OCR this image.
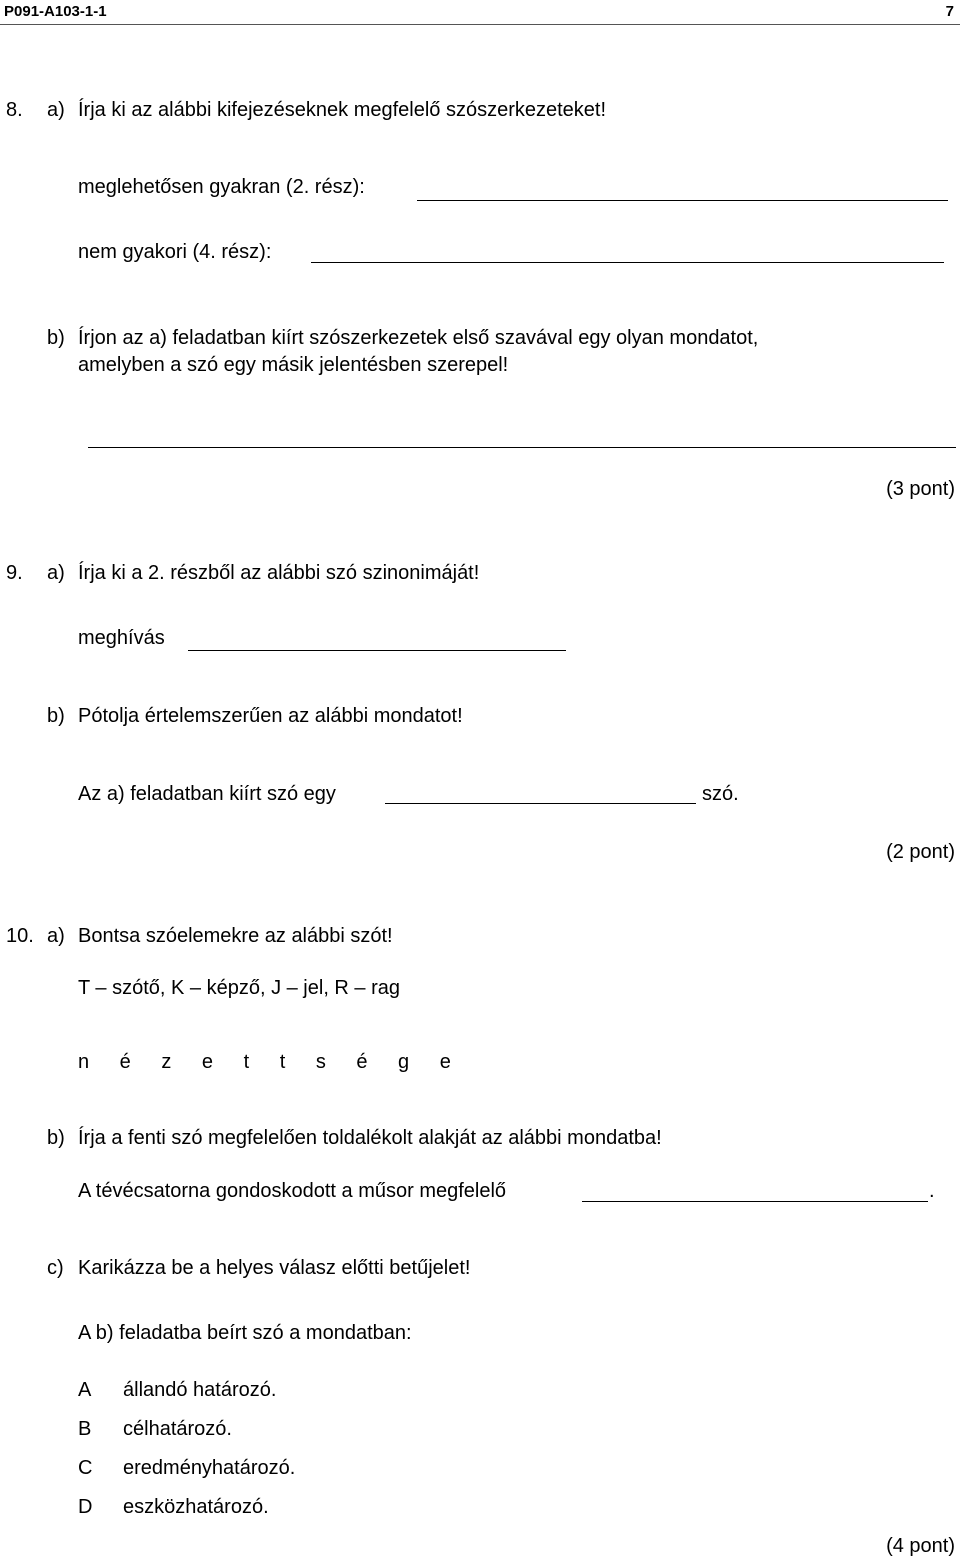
P091-A103-1-1	7
8. a) Írja ki az alábbi kifejezéseknek megfelelő szószerkezeteket!
meglehetősen gyakran (2. rész):
nem gyakori (4. rész):
b) Írjon az a) feladatban kiírt szószerkezetek első szavával egy olyan mondatot,
amelyben a szó egy másik jelentésben szerepel!
(3 pont)
9. a) Írja ki a 2. részből az alábbi szó szinonimáját!
meghívás
b) Pótolja értelemszerűen az alábbi mondatot!
Az a) feladatban kiírt szó egy	szó.
(2 pont)
10. a) Bontsa szóelemekre az alábbi szót!
T – szótő, K – képző, J – jel, R – rag
n é z e t t s é g e
b) Írja a fenti szó megfelelően toldalékolt alakját az alábbi mondatba!
A tévécsatorna gondoskodott a műsor megfelelő	.
c) Karikázza be a helyes válasz előtti betűjelet!
A b) feladatba beírt szó a mondatban:
A állandó határozó.
B célhatározó.
C eredményhatározó.
D eszközhatározó.
(4 pont)
